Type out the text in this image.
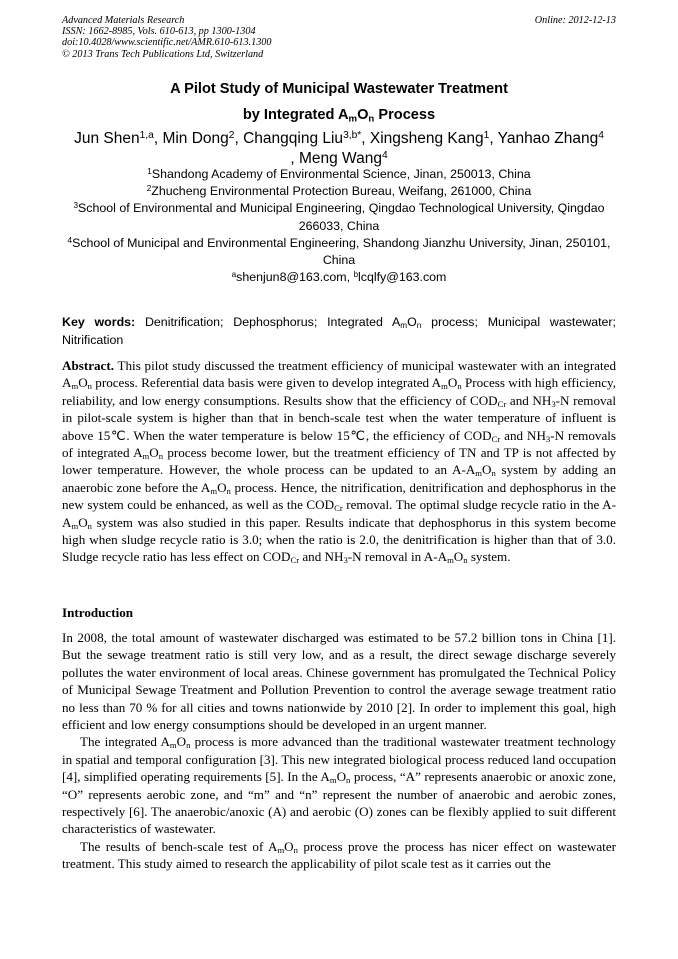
Advanced Materials Research
ISSN: 1662-8985, Vols. 610-613, pp 1300-1304
doi:10.4028/www.scientific.net/AMR.610-613.1300
© 2013 Trans Tech Publications Ltd, Switzerland
Online: 2012-12-13
A Pilot Study of Municipal Wastewater Treatment
by Integrated $A_mO_n$ Process
Jun Shen$^{1,a}$, Min Dong$^2$, Changqing Liu$^{3,b*}$, Xingsheng Kang$^1$, Yanhao Zhang$^4$
, Meng Wang$^4$
$^1$Shandong Academy of Environmental Science, Jinan, 250013, China
$^2$Zhucheng Environmental Protection Bureau, Weifang, 261000, China
$^3$School of Environmental and Municipal Engineering, Qingdao Technological University, Qingdao
266033, China
$^4$School of Municipal and Environmental Engineering, Shandong Jianzhu University, Jinan, 250101,
China
$^a$shenjun8@163.com, $^b$lcqlfy@163.com
Key words: Denitrification; Dephosphorus; Integrated $A_mO_n$ process; Municipal wastewater; Nitrification

Abstract. This pilot study discussed the treatment efficiency of municipal wastewater with an integrated $A_mO_n$ process. Referential data basis were given to develop integrated $A_mO_n$ Process with high efficiency, reliability, and low energy consumptions. Results show that the efficiency of $COD_{Cr}$ and $NH_3-N$ removal in pilot-scale system is higher than that in bench-scale test when the water temperature of influent is above 15℃. When the water temperature is below 15℃, the efficiency of $COD_{Cr}$ and $NH_3-N$ removals of integrated $A_mO_n$ process become lower, but the treatment efficiency of TN and TP is not affected by lower temperature. However, the whole process can be updated to an $A-A_mO_n$ system by adding an anaerobic zone before the $A_mO_n$ process. Hence, the nitrification, denitrification and dephosphorus in the new system could be enhanced, as well as the $COD_{Cr}$ removal. The optimal sludge recycle ratio in the $A-A_mO_n$ system was also studied in this paper. Results indicate that dephosphorus in this system become high when sludge recycle ratio is 3.0; when the ratio is 2.0, the denitrification is higher than that of 3.0. Sludge recycle ratio has less effect on $COD_{Cr}$ and $NH_3-N$ removal in $A-A_mO_n$ system.

Introduction

In 2008, the total amount of wastewater discharged was estimated to be 57.2 billion tons in China [1]. But the sewage treatment ratio is still very low, and as a result, the direct sewage discharge severely pollutes the water environment of local areas. Chinese government has promulgated the Technical Policy of Municipal Sewage Treatment and Pollution Prevention to control the average sewage treatment ratio no less than 70 % for all cities and towns nationwide by 2010 [2]. In order to implement this goal, high efficient and low energy consumptions should be developed in an urgent manner.

The integrated $A_mO_n$ process is more advanced than the traditional wastewater treatment technology in spatial and temporal configuration [3]. This new integrated biological process reduced land occupation [4], simplified operating requirements [5]. In the $A_mO_n$ process, “A” represents anaerobic or anoxic zone, “O” represents aerobic zone, and “m” and “n” represent the number of anaerobic and aerobic zones, respectively [6]. The anaerobic/anoxic (A) and aerobic (O) zones can be flexibly applied to suit different characteristics of wastewater.

The results of bench-scale test of $A_mO_n$ process prove the process has nicer effect on wastewater treatment. This study aimed to research the applicability of pilot scale test as it carries out the
